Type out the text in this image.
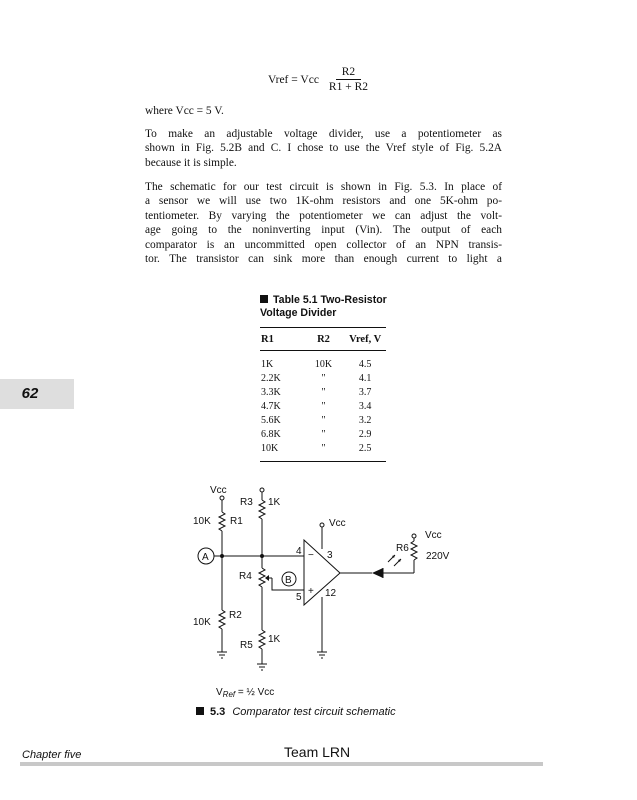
Vref = Vcc $\frac{R2}{R1 + R2}$
where Vcc = 5 V.
To make an adjustable voltage divider, use a potentiometer as
shown in Fig. 5.2B and C. I chose to use the Vref style of Fig. 5.2A
because it is simple.
The schematic for our test circuit is shown in Fig. 5.3. In place of
a sensor we will use two 1K-ohm resistors and one 5K-ohm po-
tentiometer. By varying the potentiometer we can adjust the volt-
age going to the noninverting input (Vin). The output of each
comparator is an uncommitted open collector of an NPN transis-
tor. The transistor can sink more than enough current to light a
62
Table 5.1 Two-Resistor
Voltage Divider
R1	R2	Vref, V
1K	10K	4.5
2.2K	"	4.1
3.3K	"	3.7
4.7K	"	3.4
5.6K	"	3.2
6.8K	"	2.9
10K	"	2.5
Vcc
R3 1K
10K R1	Vcc
Vcc
R6
220V
A
4 − 3
R4	B
+
5 12
R2
10K
1K
R5
$V_{Ref}$ = ½ Vcc
5.3 Comparator test circuit schematic
Chapter five	Team LRN
